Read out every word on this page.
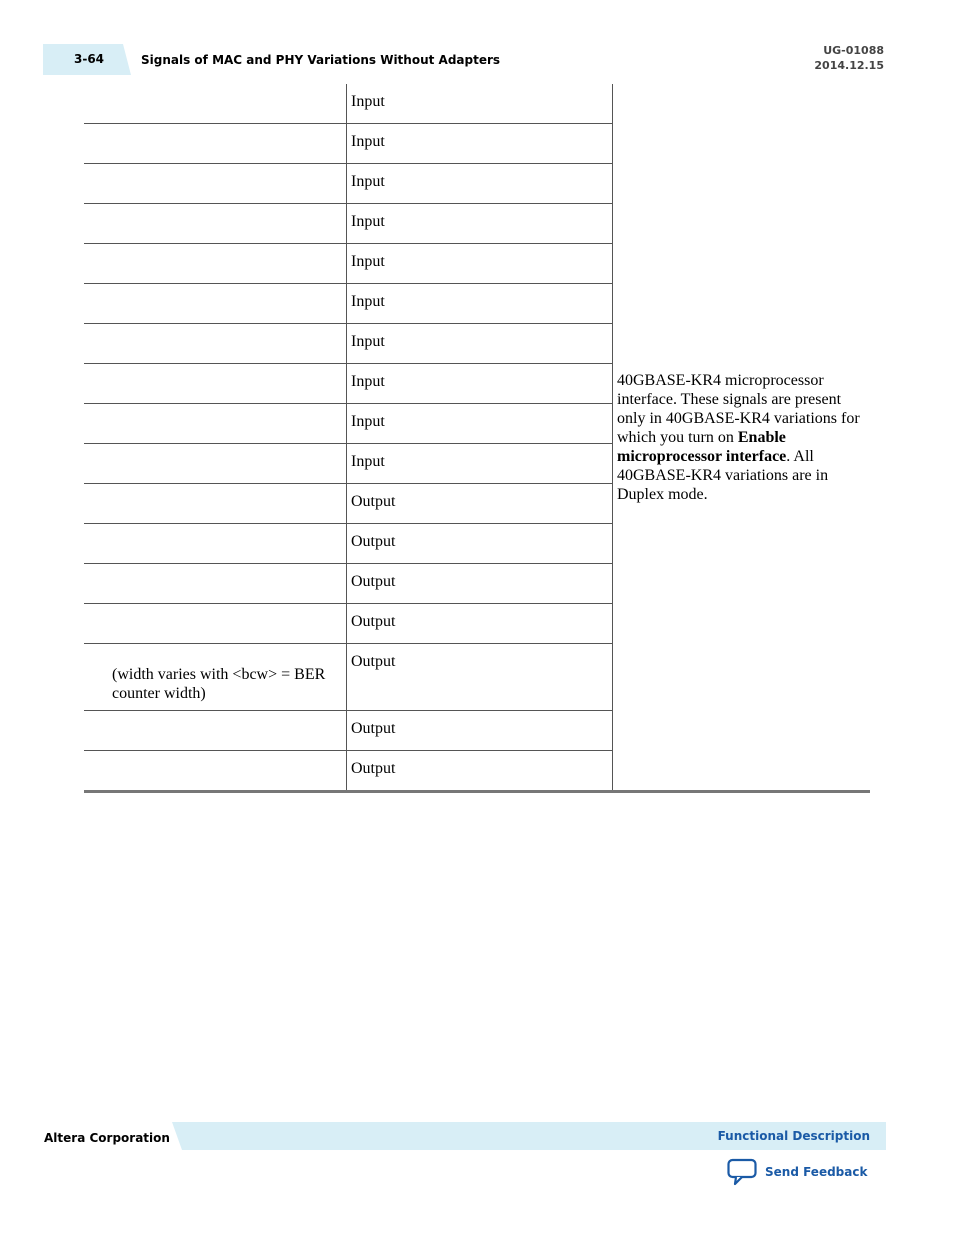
3-64	Signals of MAC and PHY Variations Without Adapters
UG-01088
2014.12.15
	Input	40GBASE-KR4 microprocessor interface. These signals are present only in 40GBASE-KR4 variations for which you turn on Enable microprocessor interface. All 40GBASE-KR4 variations are in Duplex mode.
	Input	
	Input	
	Input	
	Input	
	Input	
	Input	
	Input	
	Input	
	Input	
	Output	
	Output	
	Output	
	Output	

(width varies with <bcw> = BER counter width)	Output	
	Output	
	Output	
Altera Corporation	Functional Description
Send Feedback
